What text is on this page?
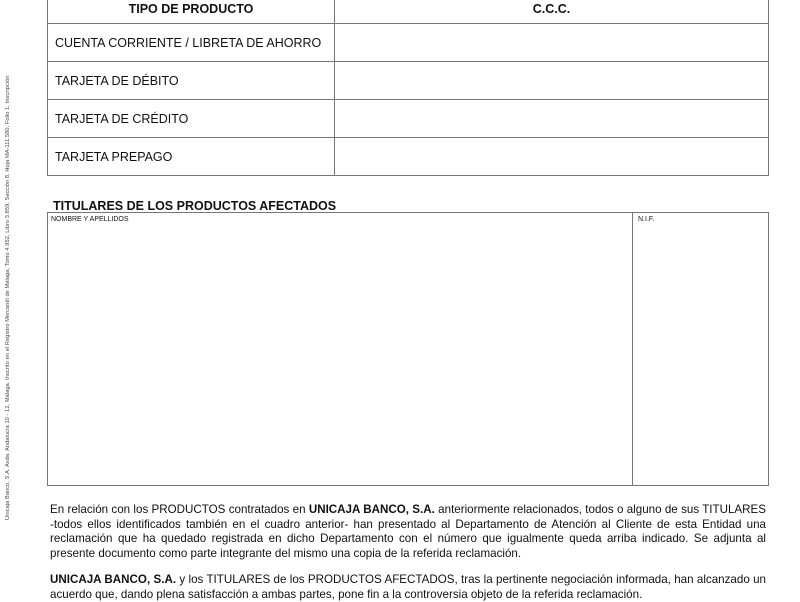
Unicaja Banco, S.A. Avda. Andalucía 10 - 12, Málaga. Inscrito en el Registro Mercantil de Málaga, Tomo 4.952, Libro 3.859, Sección 8, Hoja MA-111.580, Folio 1, Inscripción
TIPO DE PRODUCTO	C.C.C.
CUENTA CORRIENTE / LIBRETA DE AHORRO	
TARJETA DE DÉBITO	
TARJETA DE CRÉDITO	
TARJETA PREPAGO	
TITULARES DE LOS PRODUCTOS AFECTADOS
NOMBRE Y APELLIDOS	N.I.F.

En relación con los PRODUCTOS contratados en UNICAJA BANCO, S.A. anteriormente relacionados, todos o alguno de sus TITULARES -todos ellos identificados también en el cuadro anterior- han presentado al Departamento de Atención al Cliente de esta Entidad una reclamación que ha quedado registrada en dicho Departamento con el número que igualmente queda arriba indicado. Se adjunta al presente documento como parte integrante del mismo una copia de la referida reclamación.

UNICAJA BANCO, S.A. y los TITULARES de los PRODUCTOS AFECTADOS, tras la pertinente negociación informada, han alcanzado un acuerdo que, dando plena satisfacción a ambas partes, pone fin a la controversia objeto de la referida reclamación.
